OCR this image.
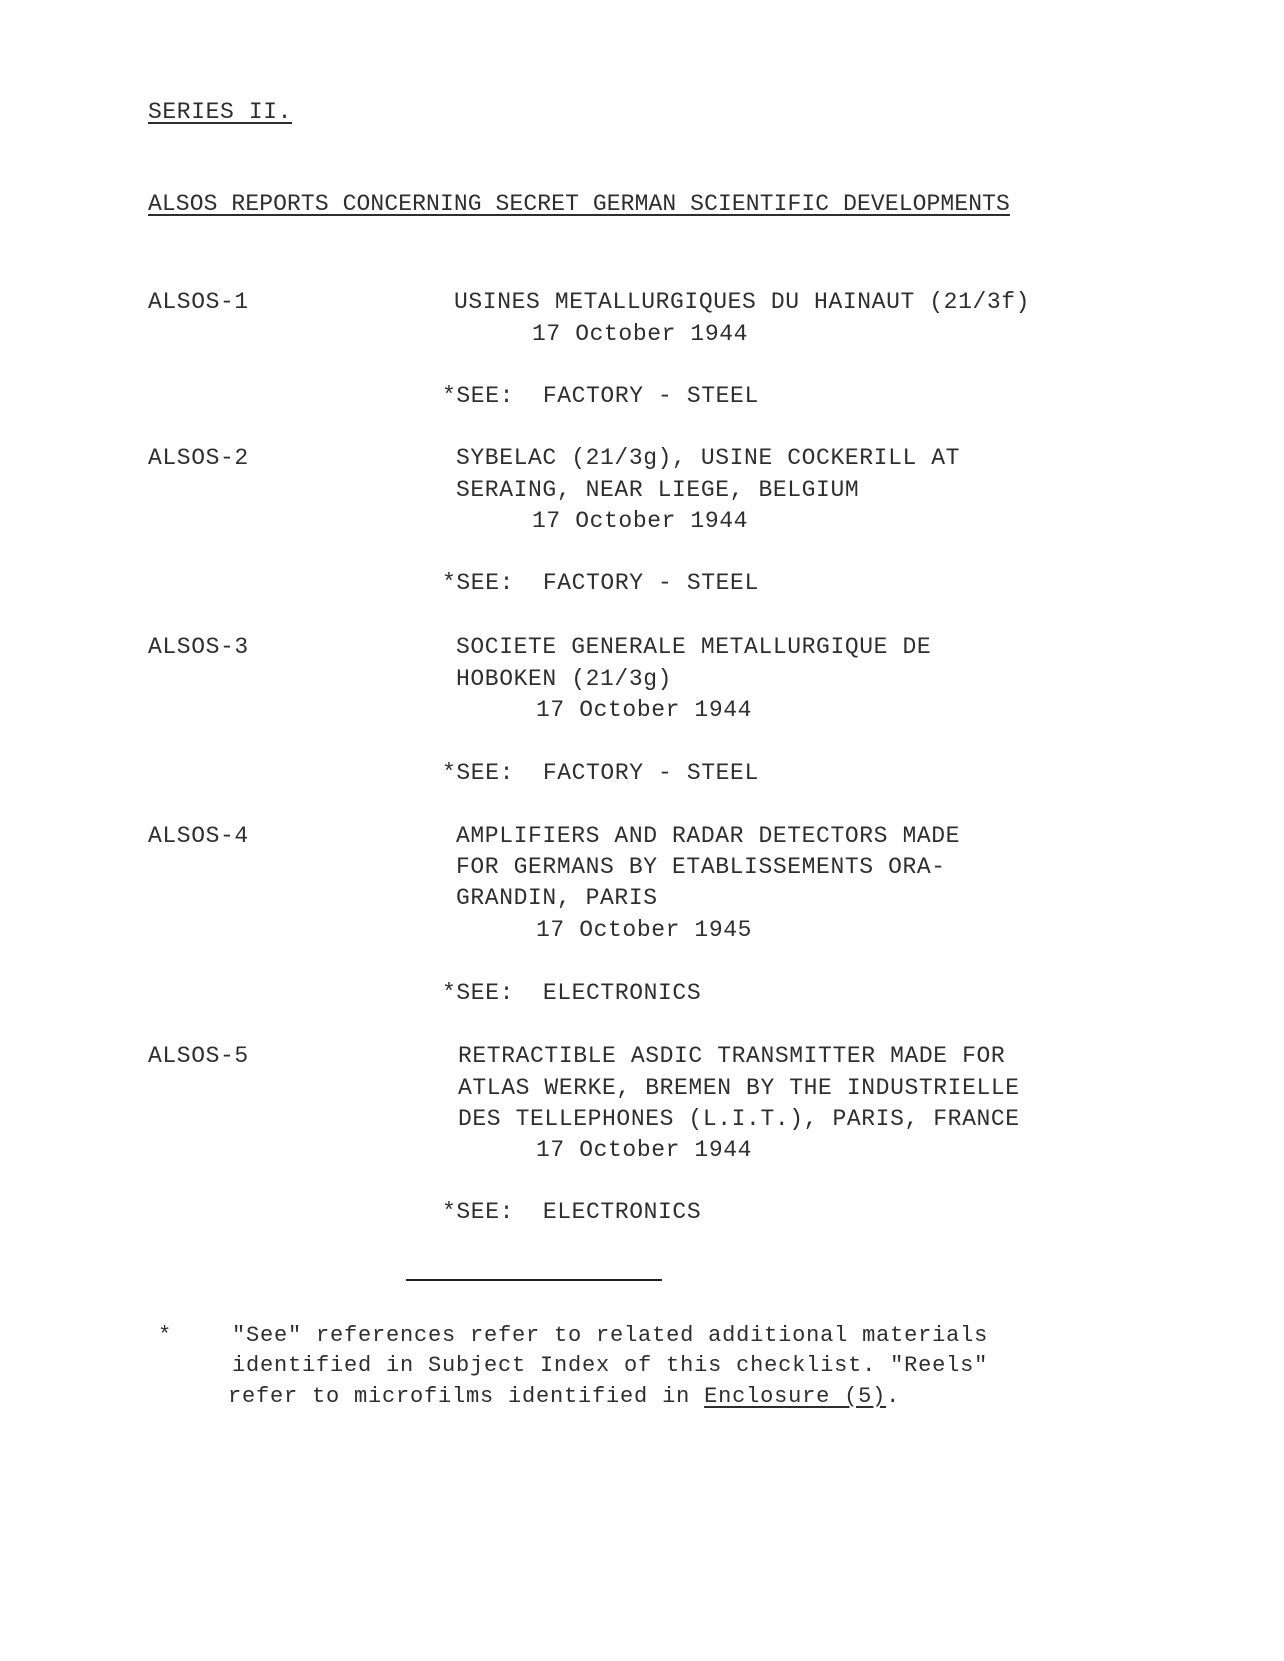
SERIES II.
ALSOS REPORTS CONCERNING SECRET GERMAN SCIENTIFIC DEVELOPMENTS
ALSOS-1	USINES METALLURGIQUES DU HAINAUT (21/3f)
17 October 1944
*SEE:  FACTORY - STEEL
ALSOS-2	SYBELAC (21/3g), USINE COCKERILL AT
SERAING, NEAR LIEGE, BELGIUM
17 October 1944
*SEE:  FACTORY - STEEL
ALSOS-3	SOCIETE GENERALE METALLURGIQUE DE
HOBOKEN (21/3g)
17 October 1944
*SEE:  FACTORY - STEEL
ALSOS-4	AMPLIFIERS AND RADAR DETECTORS MADE
FOR GERMANS BY ETABLISSEMENTS ORA-
GRANDIN, PARIS
17 October 1945
*SEE:  ELECTRONICS
ALSOS-5	RETRACTIBLE ASDIC TRANSMITTER MADE FOR
ATLAS WERKE, BREMEN BY THE INDUSTRIELLE
DES TELLEPHONES (L.I.T.), PARIS, FRANCE
17 October 1944
*SEE:  ELECTRONICS
*	"See" references refer to related additional materials
identified in Subject Index of this checklist. "Reels"
refer to microfilms identified in Enclosure (5).
